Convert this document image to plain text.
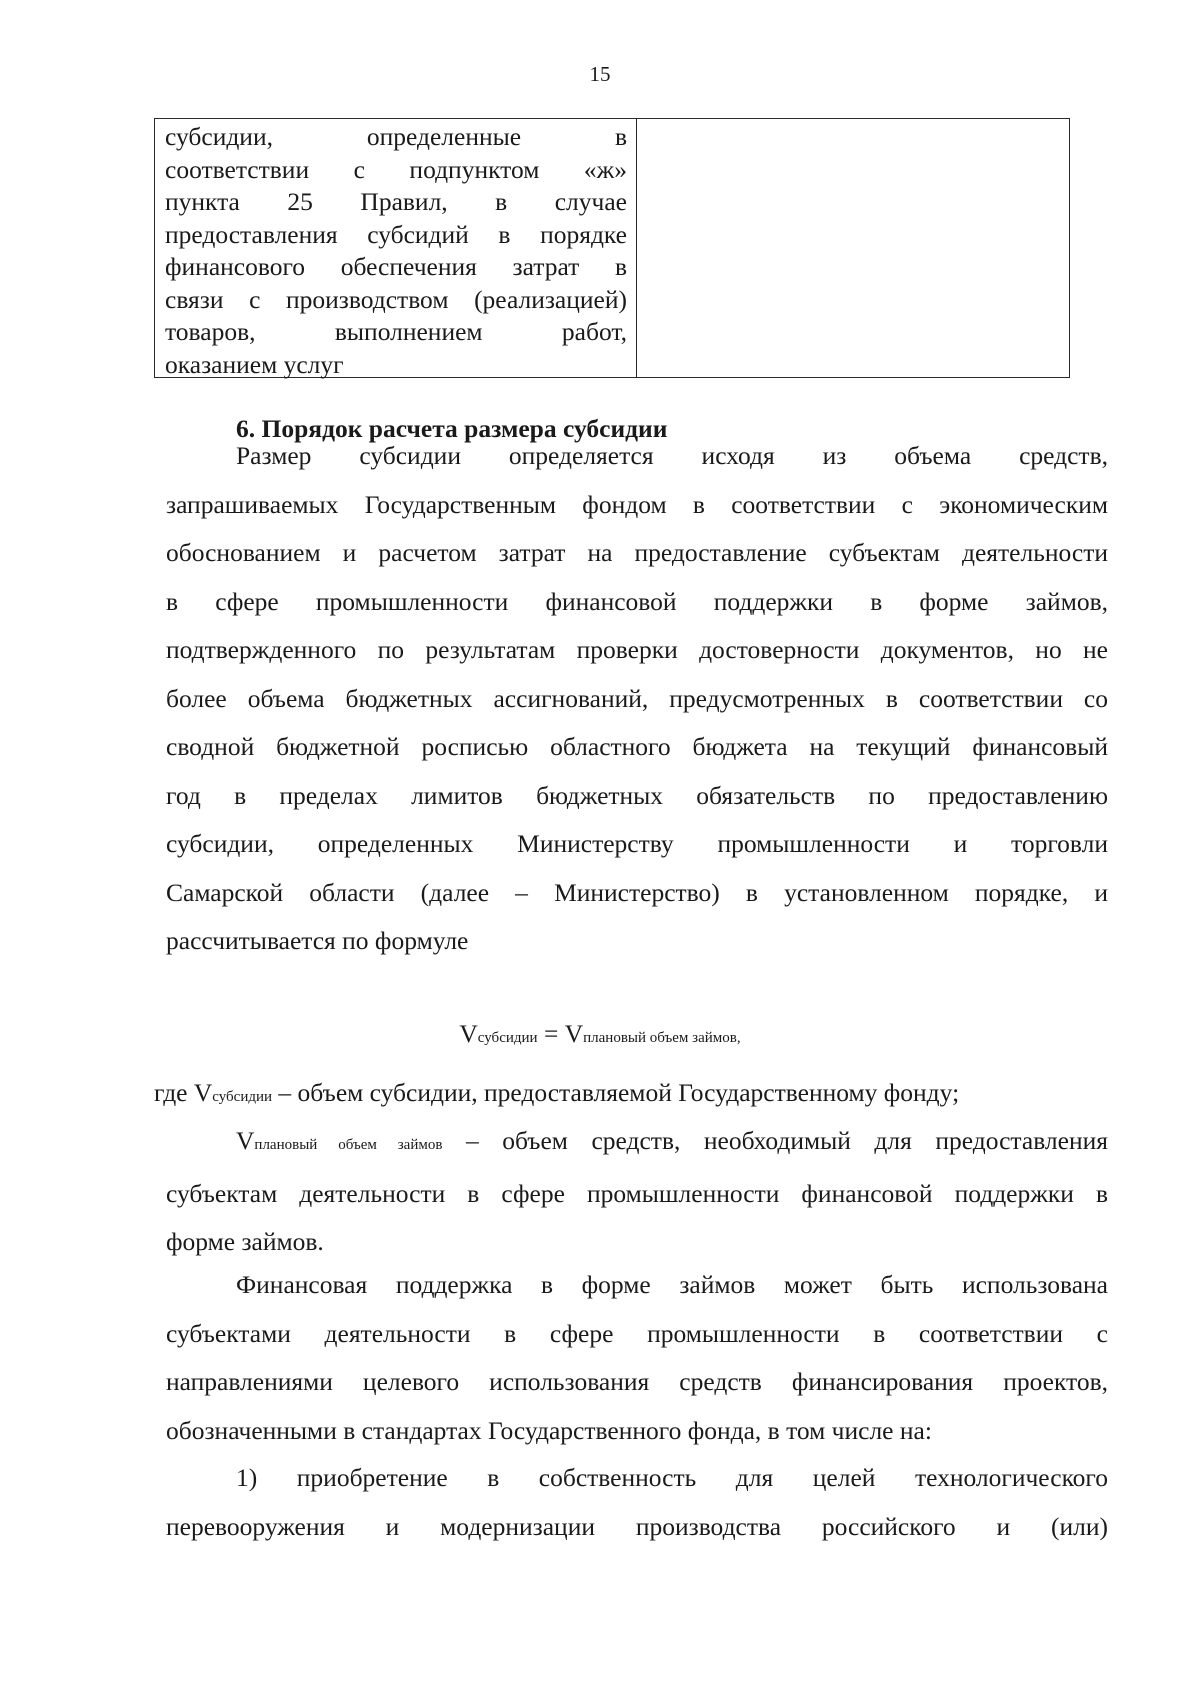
15
субсидии, определенные в
соответствии с подпунктом «ж»
пункта 25 Правил, в случае
предоставления субсидий в порядке
финансового обеспечения затрат в
связи с производством (реализацией)
товаров, выполнением работ,
оказанием услуг
6. Порядок расчета размера субсидии
Размер субсидии определяется исходя из объема средств,
запрашиваемых Государственным фондом в соответствии с экономическим
обоснованием и расчетом затрат на предоставление субъектам деятельности
в сфере промышленности финансовой поддержки в форме займов,
подтвержденного по результатам проверки достоверности документов, но не
более объема бюджетных ассигнований, предусмотренных в соответствии со
сводной бюджетной росписью областного бюджета на текущий финансовый
год в пределах лимитов бюджетных обязательств по предоставлению
субсидии, определенных Министерству промышленности и торговли
Самарской области (далее – Министерство) в установленном порядке, и
рассчитывается по формуле
Vсубсидии = Vплановый объем займов,
где Vсубсидии – объем субсидии, предоставляемой Государственному фонду;
Vплановый объем займов – объем средств, необходимый для предоставления
субъектам деятельности в сфере промышленности финансовой поддержки в
форме займов.
Финансовая поддержка в форме займов может быть использована
субъектами деятельности в сфере промышленности в соответствии с
направлениями целевого использования средств финансирования проектов,
обозначенными в стандартах Государственного фонда, в том числе на:
1) приобретение в собственность для целей технологического
перевооружения и модернизации производства российского и (или)
